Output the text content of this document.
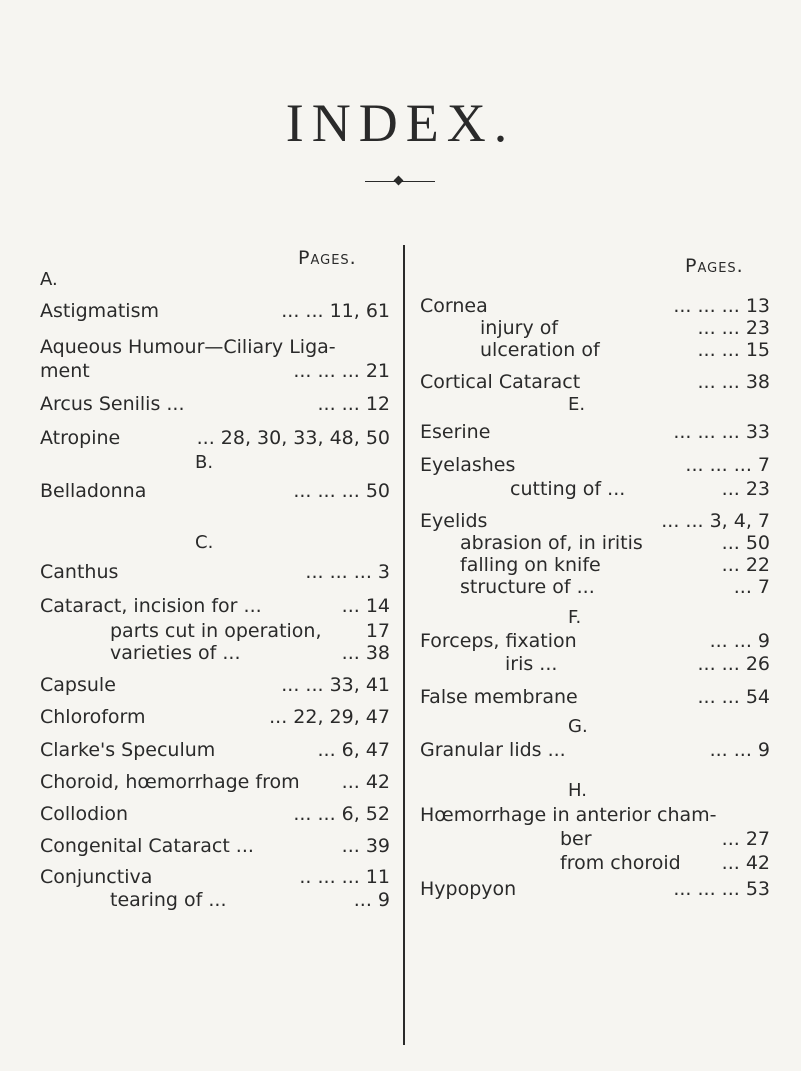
INDEX.
Pages.
A.
Astigmatism	... ... 11, 61
Aqueous Humour—Ciliary Liga-
ment	... ... ... 21
Arcus Senilis ...	... ... 12
Atropine	... 28, 30, 33, 48, 50
B.
Belladonna	... ... ... 50
C.
Canthus	... ... ... 3
Cataract, incision for ...	... 14
parts cut in operation, 17
varieties of ...	... 38
Capsule	... ... 33, 41
Chloroform	... 22, 29, 47
Clarke's Speculum	... 6, 47
Choroid, hœmorrhage from ... 42
Collodion	... ... 6, 52
Congenital Cataract ...	... 39
Conjunctiva	.. ... ... 11
tearing of ...	... 9
Pages.
Cornea	... ... ... 13
injury of	... ... 23
ulceration of	... ... 15
Cortical Cataract	... ... 38
E.
Eserine	... ... ... 33
Eyelashes	... ... ... 7
cutting of ...	... 23
Eyelids	... ... 3, 4, 7
abrasion of, in iritis	... 50
falling on knife	... 22
structure of ...	... 7
F.
Forceps, fixation	... ... 9
iris ...	... ... 26
False membrane	... ... 54
G.
Granular lids ...	... ... 9
H.
Hœmorrhage in anterior cham-
ber	... 27
from choroid ... 42
Hypopyon	... ... ... 53
